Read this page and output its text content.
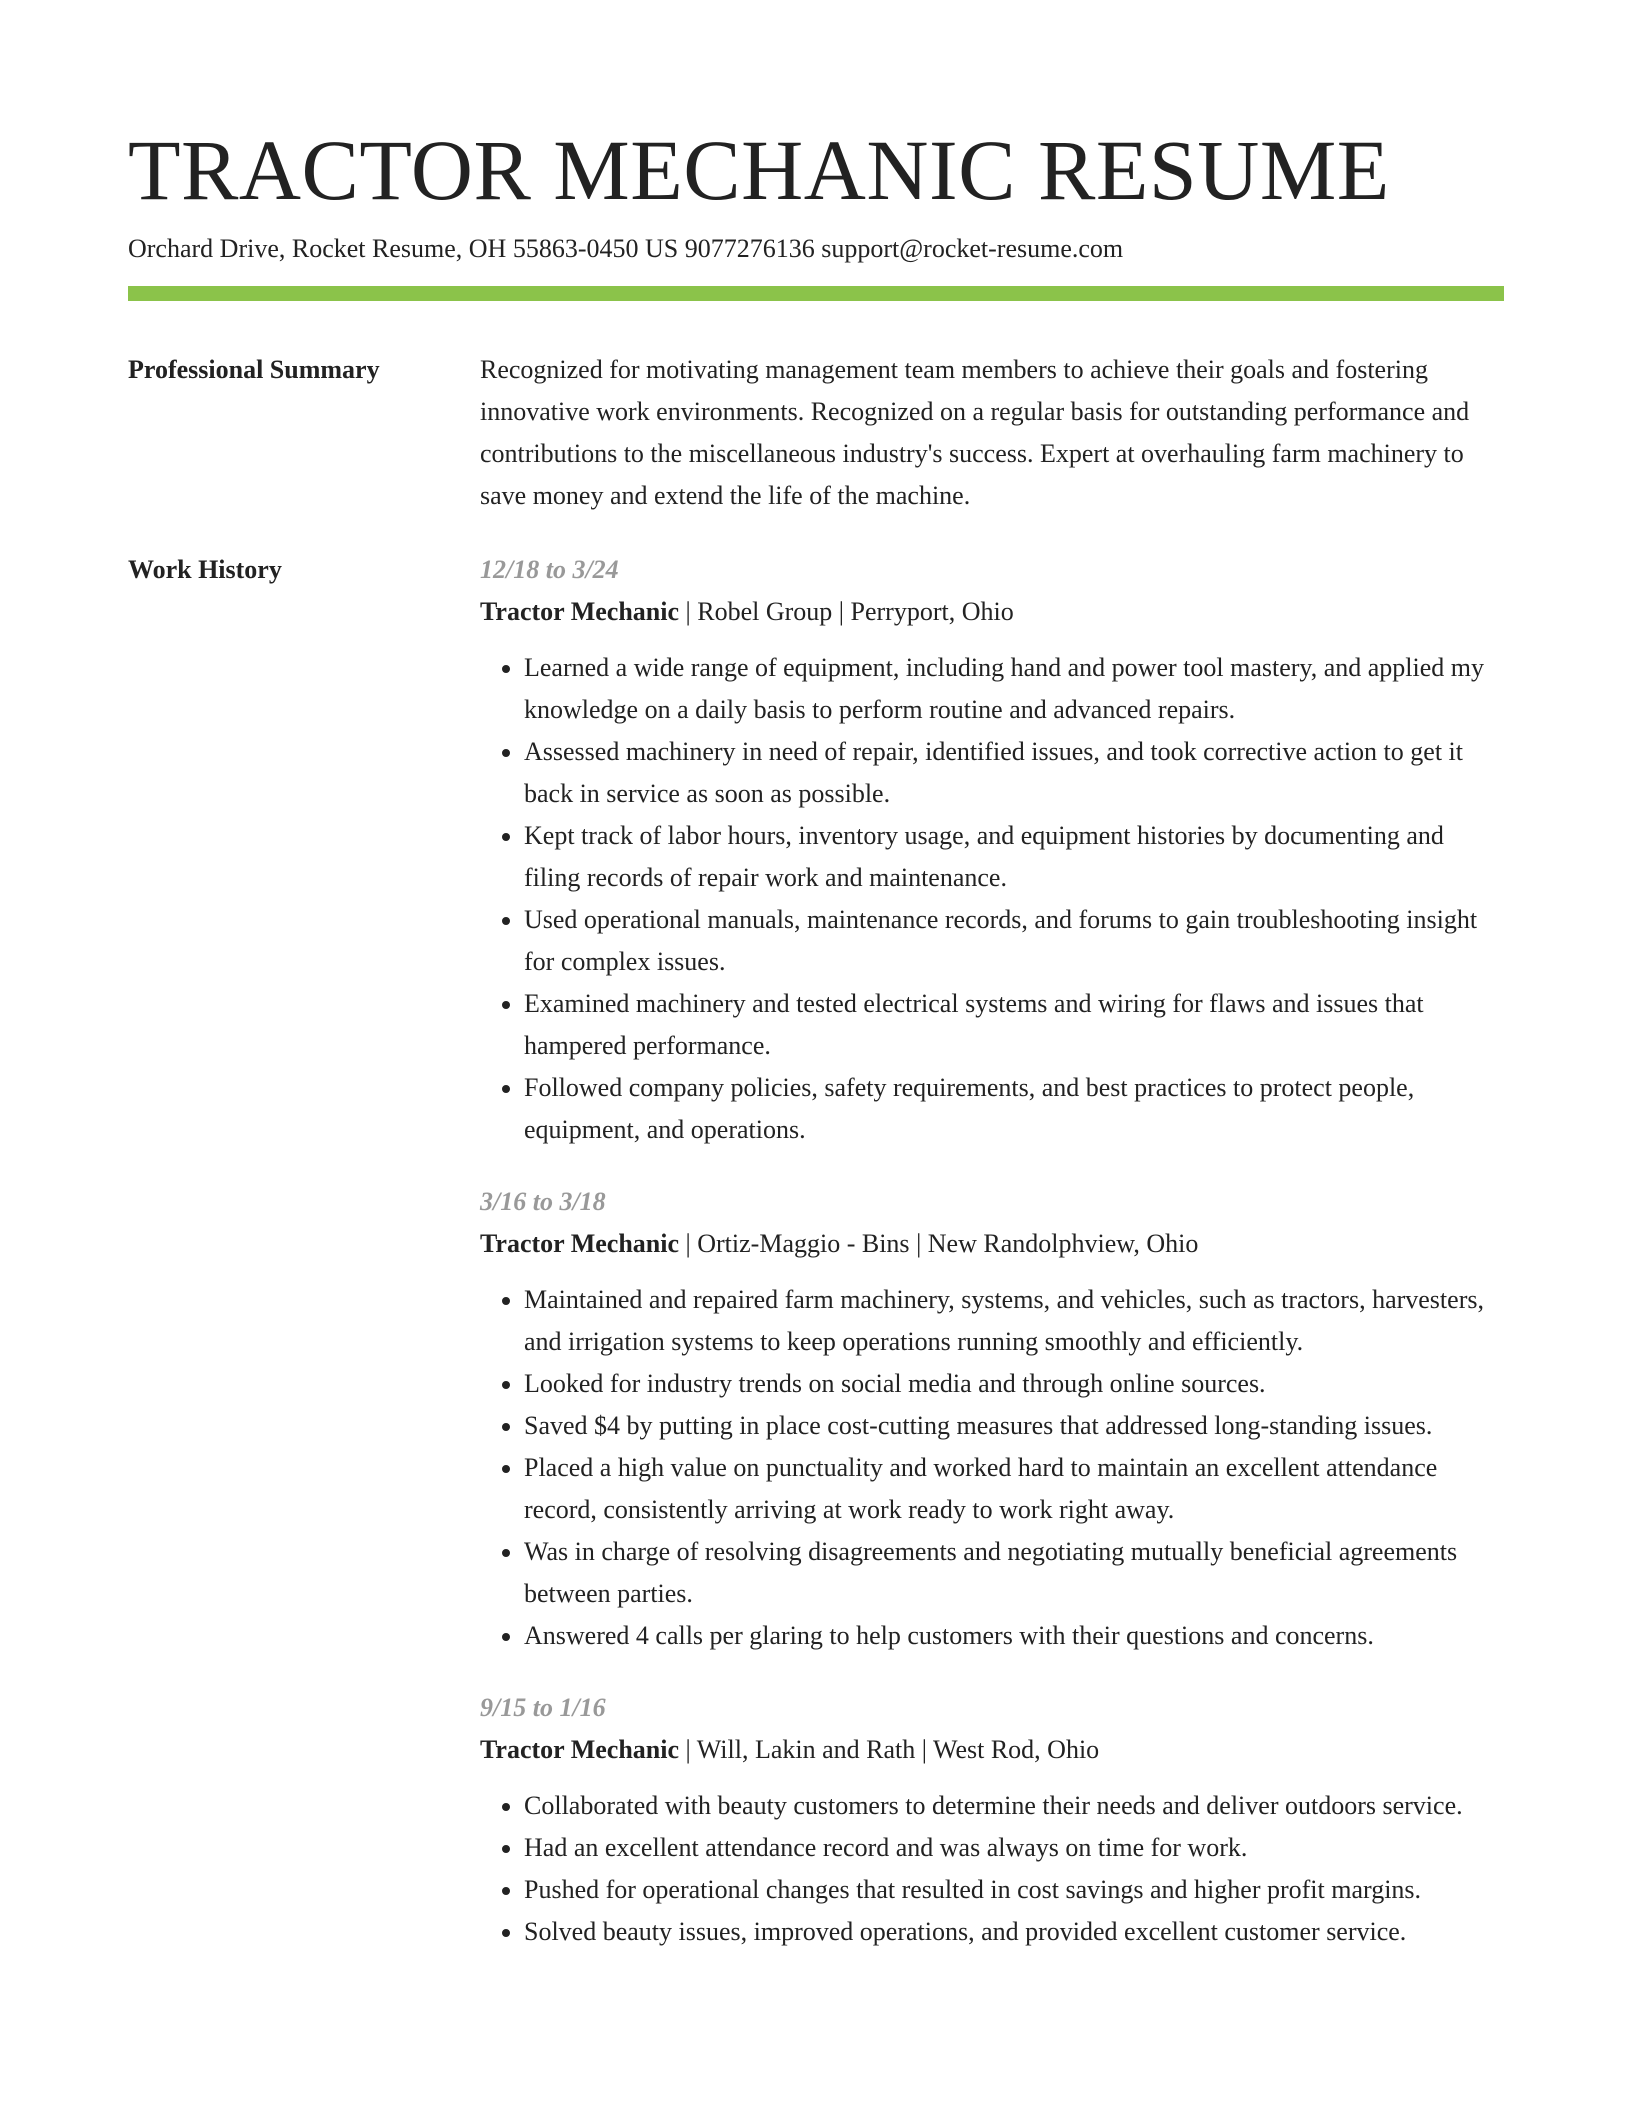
TRACTOR MECHANIC RESUME
Orchard Drive, Rocket Resume, OH 55863-0450 US 9077276136 support@rocket-resume.com
Professional Summary	Recognized for motivating management team members to achieve their goals and fostering innovative work environments. Recognized on a regular basis for outstanding performance and contributions to the miscellaneous industry's success. Expert at overhauling farm machinery to save money and extend the life of the machine.

Work History	12/18 to 3/24
Tractor Mechanic | Robel Group | Perryport, Ohio
• Learned a wide range of equipment, including hand and power tool mastery, and applied my knowledge on a daily basis to perform routine and advanced repairs.
• Assessed machinery in need of repair, identified issues, and took corrective action to get it back in service as soon as possible.
• Kept track of labor hours, inventory usage, and equipment histories by documenting and filing records of repair work and maintenance.
• Used operational manuals, maintenance records, and forums to gain troubleshooting insight for complex issues.
• Examined machinery and tested electrical systems and wiring for flaws and issues that hampered performance.
• Followed company policies, safety requirements, and best practices to protect people, equipment, and operations.
3/16 to 3/18
Tractor Mechanic | Ortiz-Maggio - Bins | New Randolphview, Ohio
• Maintained and repaired farm machinery, systems, and vehicles, such as tractors, harvesters, and irrigation systems to keep operations running smoothly and efficiently.
• Looked for industry trends on social media and through online sources.
• Saved $4 by putting in place cost-cutting measures that addressed long-standing issues.
• Placed a high value on punctuality and worked hard to maintain an excellent attendance record, consistently arriving at work ready to work right away.
• Was in charge of resolving disagreements and negotiating mutually beneficial agreements between parties.
• Answered 4 calls per glaring to help customers with their questions and concerns.
9/15 to 1/16
Tractor Mechanic | Will, Lakin and Rath | West Rod, Ohio
• Collaborated with beauty customers to determine their needs and deliver outdoors service.
• Had an excellent attendance record and was always on time for work.
• Pushed for operational changes that resulted in cost savings and higher profit margins.
• Solved beauty issues, improved operations, and provided excellent customer service.
